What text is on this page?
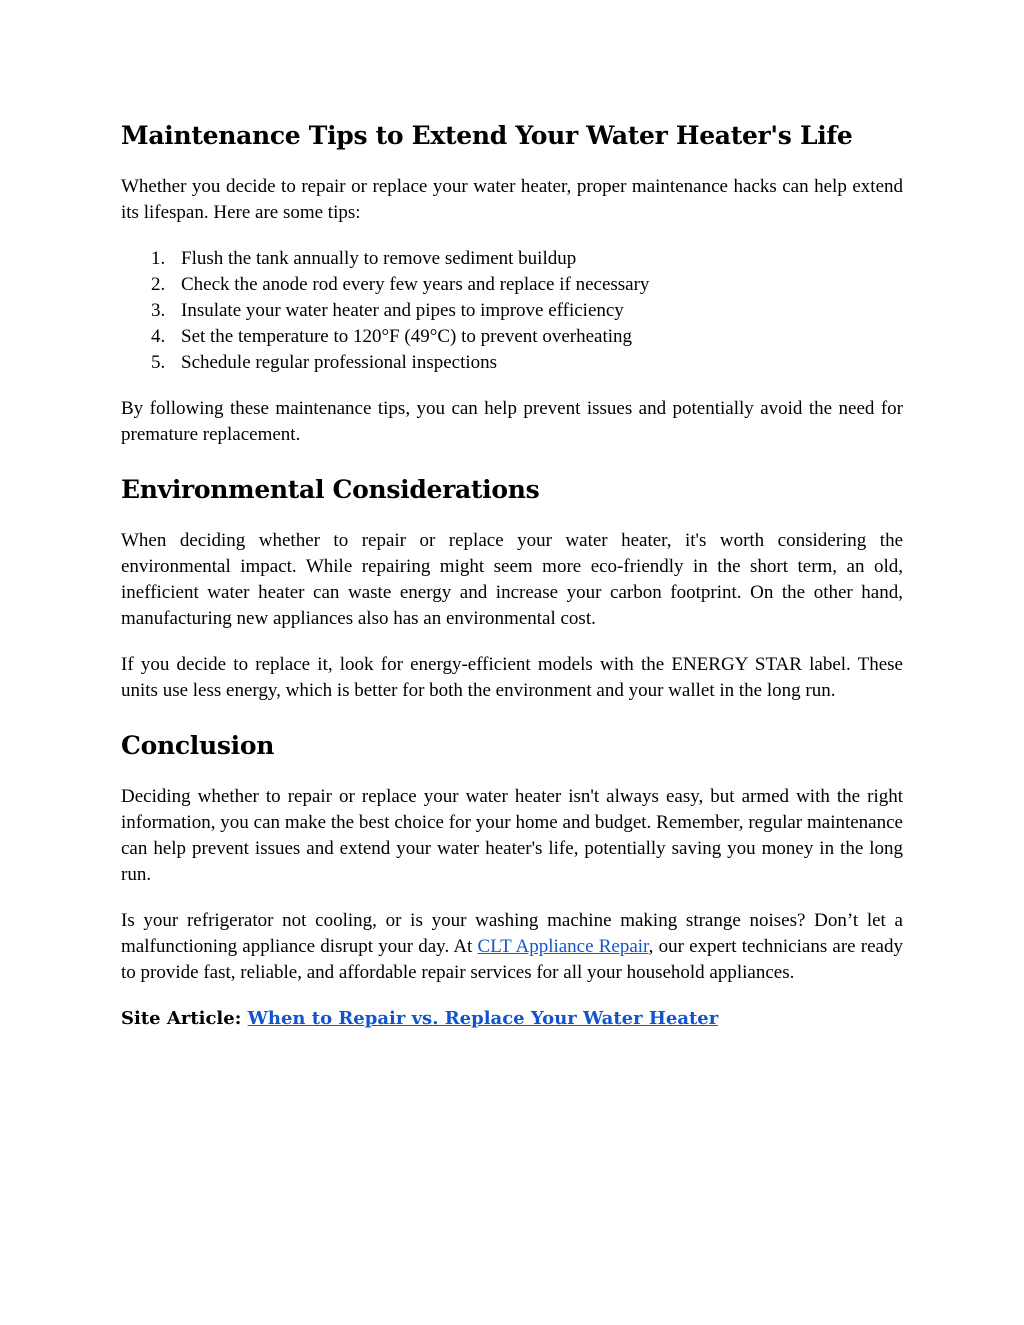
Maintenance Tips to Extend Your Water Heater's Life

Whether you decide to repair or replace your water heater, proper maintenance hacks can help extend its lifespan. Here are some tips:

1. Flush the tank annually to remove sediment buildup
2. Check the anode rod every few years and replace if necessary
3. Insulate your water heater and pipes to improve efficiency
4. Set the temperature to 120°F (49°C) to prevent overheating
5. Schedule regular professional inspections

By following these maintenance tips, you can help prevent issues and potentially avoid the need for premature replacement.

Environmental Considerations

When deciding whether to repair or replace your water heater, it's worth considering the environmental impact. While repairing might seem more eco-friendly in the short term, an old, inefficient water heater can waste energy and increase your carbon footprint. On the other hand, manufacturing new appliances also has an environmental cost.

If you decide to replace it, look for energy-efficient models with the ENERGY STAR label. These units use less energy, which is better for both the environment and your wallet in the long run.

Conclusion

Deciding whether to repair or replace your water heater isn't always easy, but armed with the right information, you can make the best choice for your home and budget. Remember, regular maintenance can help prevent issues and extend your water heater's life, potentially saving you money in the long run.

Is your refrigerator not cooling, or is your washing machine making strange noises? Don’t let a malfunctioning appliance disrupt your day. At CLT Appliance Repair, our expert technicians are ready to provide fast, reliable, and affordable repair services for all your household appliances.

Site Article: When to Repair vs. Replace Your Water Heater
